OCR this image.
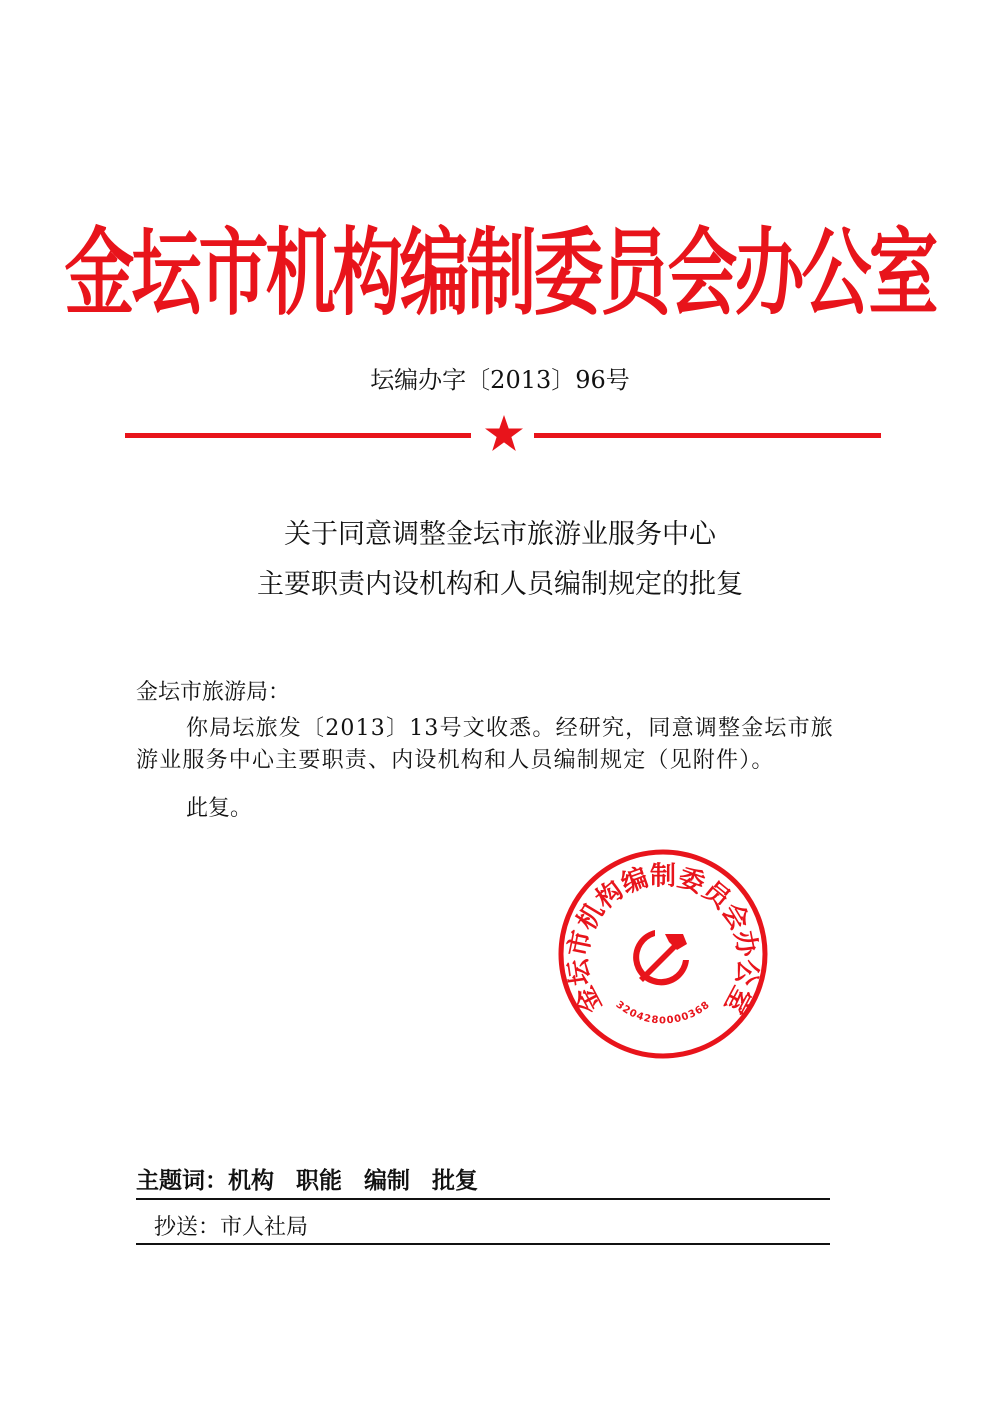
金坛市机构编制委员会办公室
坛编办字〔2013〕96号
关于同意调整金坛市旅游业服务中心
主要职责内设机构和人员编制规定的批复
金坛市旅游局：
你局坛旅发〔2013〕13号文收悉。经研究，同意调整金坛市旅
游业服务中心主要职责、内设机构和人员编制规定（见附件）。
此复。
金坛市机构编制委员会办公室
3204280000368
主题词：机构 职能 编制 批复
抄送：市人社局
